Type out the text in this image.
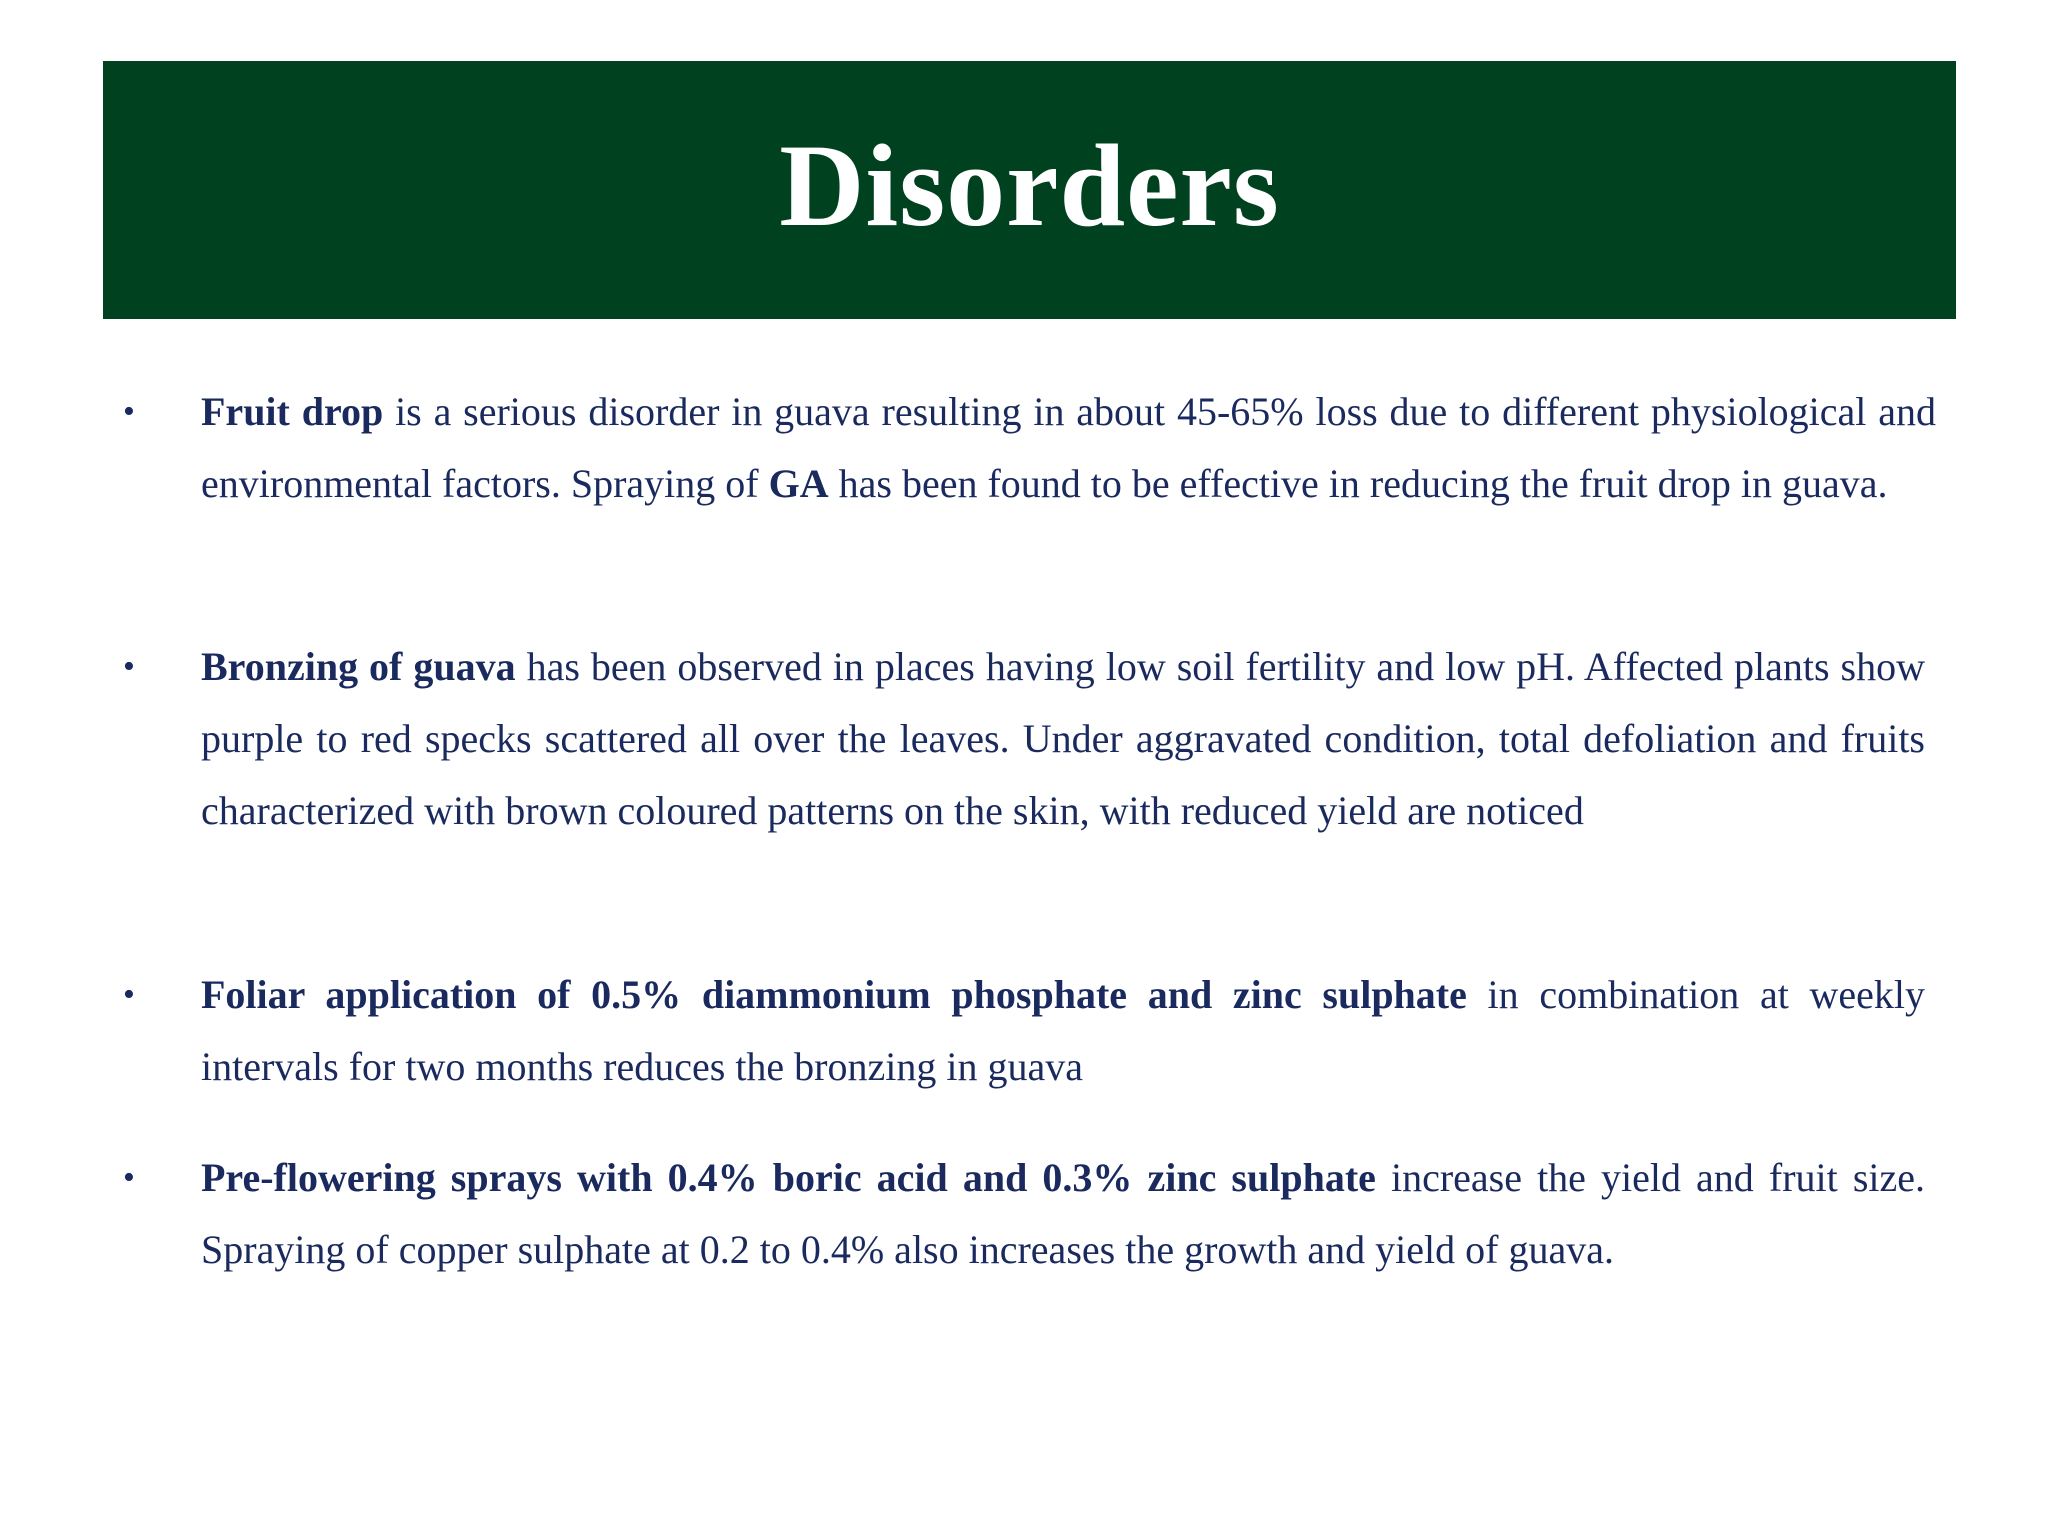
Disorders
• Fruit drop is a serious disorder in guava resulting in about 45-65% loss due to different physiological and environmental factors. Spraying of GA has been found to be effective in reducing the fruit drop in guava.
• Bronzing of guava has been observed in places having low soil fertility and low pH. Affected plants show purple to red specks scattered all over the leaves. Under aggravated condition, total defoliation and fruits characterized with brown coloured patterns on the skin, with reduced yield are noticed
• Foliar application of 0.5% diammonium phosphate and zinc sulphate in combination at weekly intervals for two months reduces the bronzing in guava
• Pre-flowering sprays with 0.4% boric acid and 0.3% zinc sulphate increase the yield and fruit size. Spraying of copper sulphate at 0.2 to 0.4% also increases the growth and yield of guava.
